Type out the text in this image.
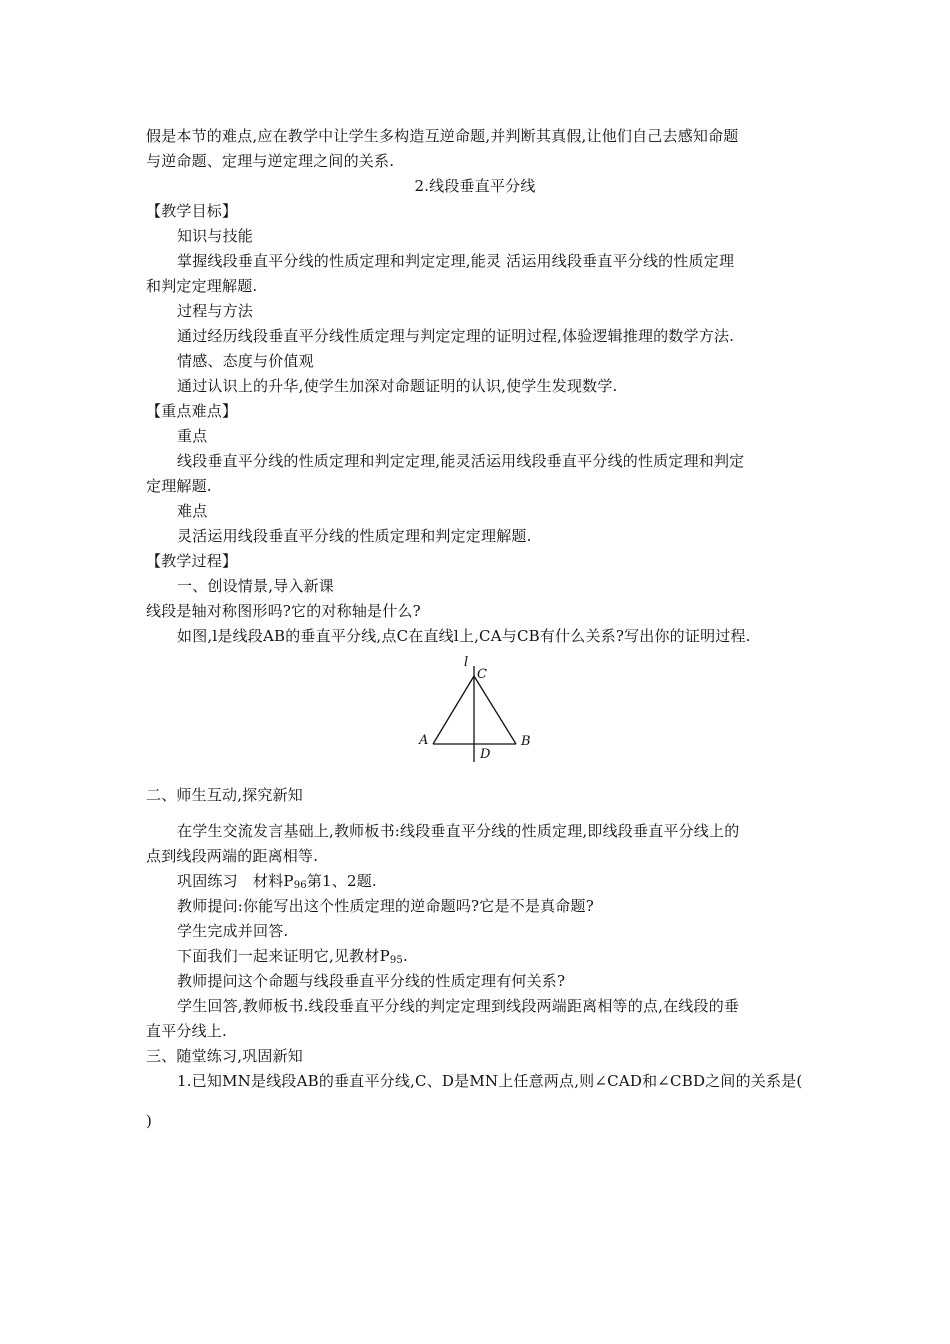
假是本节的难点,应在教学中让学生多构造互逆命题,并判断其真假,让他们自己去感知命题
与逆命题、定理与逆定理之间的关系.
2.线段垂直平分线
【教学目标】
知识与技能
掌握线段垂直平分线的性质定理和判定定理,能灵 活运用线段垂直平分线的性质定理
和判定定理解题.
过程与方法
通过经历线段垂直平分线性质定理与判定定理的证明过程,体验逻辑推理的数学方法.
情感、态度与价值观
通过认识上的升华,使学生加深对命题证明的认识,使学生发现数学.
【重点难点】
重点
线段垂直平分线的性质定理和判定定理,能灵活运用线段垂直平分线的性质定理和判定
定理解题.
难点
灵活运用线段垂直平分线的性质定理和判定定理解题.
【教学过程】
一、创设情景,导入新课
线段是轴对称图形吗?它的对称轴是什么?
如图,l是线段AB的垂直平分线,点C在直线l上,CA与CB有什么关系?写出你的证明过程.
l
C
A	B
D
二、师生互动,探究新知
在学生交流发言基础上,教师板书:线段垂直平分线的性质定理,即线段垂直平分线上的
点到线段两端的距离相等.
巩固练习　材料$P_{96}$第1、2题.
教师提问:你能写出这个性质定理的逆命题吗?它是不是真命题?
学生完成并回答.
下面我们一起来证明它,见教材$P_{95}$.
教师提问这个命题与线段垂直平分线的性质定理有何关系?
学生回答,教师板书.线段垂直平分线的判定定理到线段两端距离相等的点,在线段的垂
直平分线上.
三、随堂练习,巩固新知
1.已知MN是线段AB的垂直平分线,C、D是MN上任意两点,则∠CAD和∠CBD之间的关系是(
)
